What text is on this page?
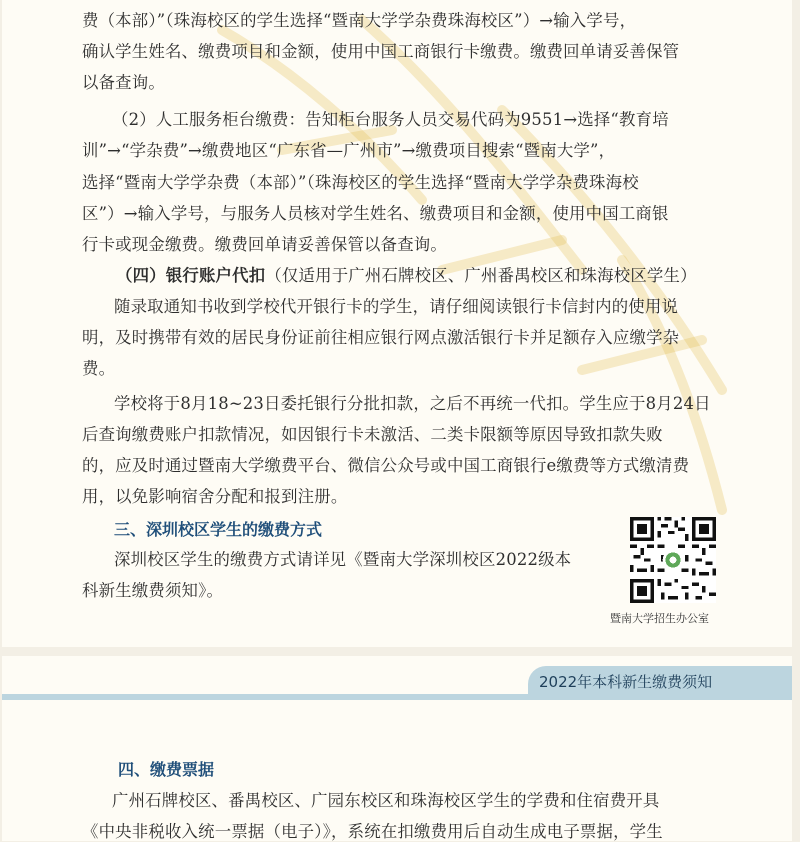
费（本部）”（珠海校区的学生选择“暨南大学学杂费珠海校区”）→输入学号，

确认学生姓名、缴费项目和金额，使用中国工商银行卡缴费。缴费回单请妥善保管

以备查询。

（2）人工服务柜台缴费：告知柜台服务人员交易代码为9551→选择“教育培

训”→“学杂费”→缴费地区“广东省—广州市”→缴费项目搜索“暨南大学”，

选择“暨南大学学杂费（本部）”（珠海校区的学生选择“暨南大学学杂费珠海校

区”）→输入学号，与服务人员核对学生姓名、缴费项目和金额，使用中国工商银

行卡或现金缴费。缴费回单请妥善保管以备查询。

（四）银行账户代扣（仅适用于广州石牌校区、广州番禺校区和珠海校区学生）

随录取通知书收到学校代开银行卡的学生，请仔细阅读银行卡信封内的使用说

明，及时携带有效的居民身份证前往相应银行网点激活银行卡并足额存入应缴学杂

费。

学校将于8月18~23日委托银行分批扣款，之后不再统一代扣。学生应于8月24日

后查询缴费账户扣款情况，如因银行卡未激活、二类卡限额等原因导致扣款失败

的，应及时通过暨南大学缴费平台、微信公众号或中国工商银行e缴费等方式缴清费

用，以免影响宿舍分配和报到注册。

三、深圳校区学生的缴费方式

深圳校区学生的缴费方式请详见《暨南大学深圳校区2022级本

科新生缴费须知》。

暨南大学招生办公室
2022年本科新生缴费须知

四、缴费票据

广州石牌校区、番禺校区、广园东校区和珠海校区学生的学费和住宿费开具

《中央非税收入统一票据（电子）》，系统在扣缴费用后自动生成电子票据，学生
